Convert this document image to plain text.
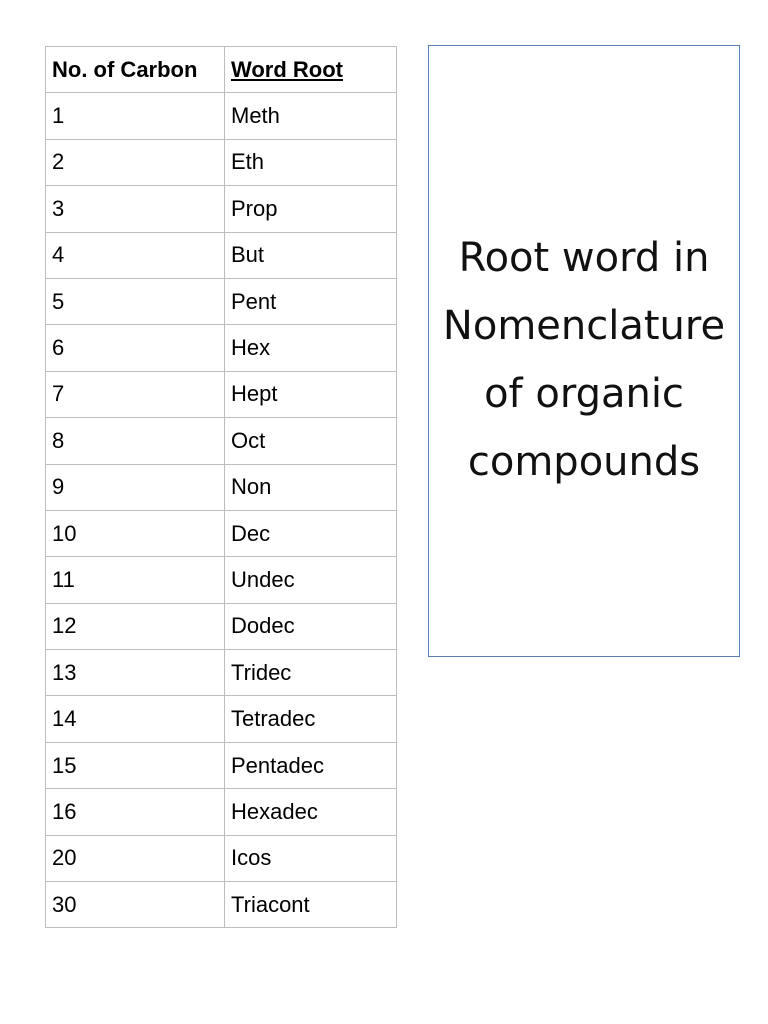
No. of Carbon	Word Root
1	Meth
2	Eth
3	Prop
4	But
5	Pent
6	Hex
7	Hept
8	Oct
9	Non
10	Dec
11	Undec
12	Dodec
13	Tridec
14	Tetradec
15	Pentadec
16	Hexadec
20	Icos
30	Triacont
Root word in
Nomenclature
of organic
compounds
